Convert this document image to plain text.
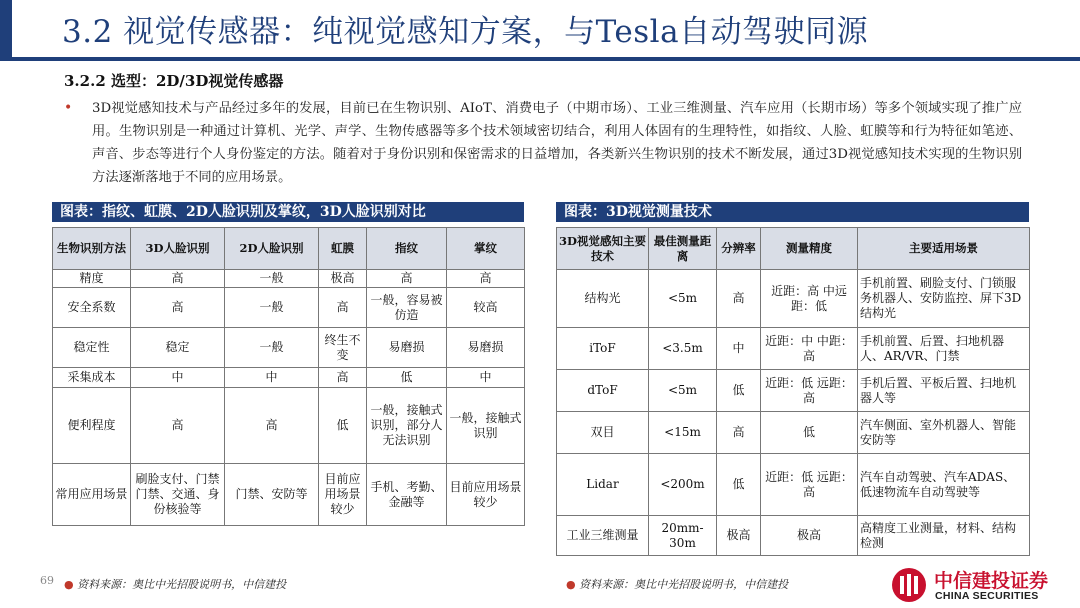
3.2 视觉传感器：纯视觉感知方案，与Tesla自动驾驶同源
3.2.2 选型：2D/3D视觉传感器
• 3D视觉感知技术与产品经过多年的发展，目前已在生物识别、AIoT、消费电子（中期市场）、工业三维测量、汽车应用（长期市场）等多个领域实现了推广应用。生物识别是一种通过计算机、光学、声学、生物传感器等多个技术领域密切结合，利用人体固有的生理特性，如指纹、人脸、虹膜等和行为特征如笔迹、声音、步态等进行个人身份鉴定的方法。随着对于身份识别和保密需求的日益增加，各类新兴生物识别的技术不断发展，通过3D视觉感知技术实现的生物识别方法逐渐落地于不同的应用场景。
图表：指纹、虹膜、2D人脸识别及掌纹，3D人脸识别对比
生物识别方法	3D人脸识别	2D人脸识别	虹膜	指纹	掌纹
精度	高	一般	极高	高	高
安全系数	高	一般	高	一般，容易被仿造	较高
稳定性	稳定	一般	终生不变	易磨损	易磨损
采集成本	中	中	高	低	中
便利程度	高	高	低	一般，接触式识别，部分人无法识别	一般，接触式识别
常用应用场景	刷脸支付、门禁门禁、交通、身份核验等	门禁、安防等	目前应用场景较少	手机、考勤、金融等	目前应用场景较少
图表：3D视觉测量技术
3D视觉感知主要技术	最佳测量距离	分辨率	测量精度	主要适用场景
结构光	<5m	高	近距：高 中远距：低	手机前置、刷脸支付、门锁服务机器人、安防监控、屏下3D结构光
iToF	<3.5m	中	近距：中 中距：高	手机前置、后置、扫地机器人、AR/VR、门禁
dToF	<5m	低	近距：低 远距：高	手机后置、平板后置、扫地机器人等
双目	<15m	高	低	汽车侧面、室外机器人、智能安防等
Lidar	<200m	低	近距：低 远距：高	汽车自动驾驶、汽车ADAS、低速物流车自动驾驶等
工业三维测量	20mm-30m	极高	极高	高精度工业测量，材料、结构检测
69 ● 资料来源：奥比中光招股说明书，中信建投	● 资料来源：奥比中光招股说明书，中信建投	中信建投证券
CHINA SECURITIES
